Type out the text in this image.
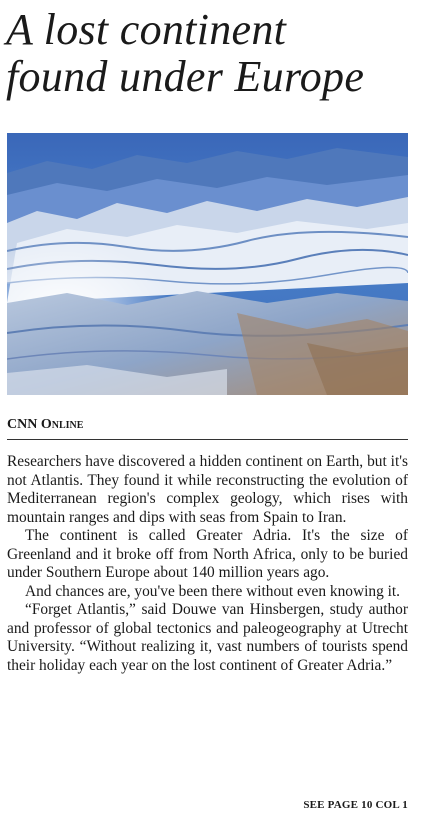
A lost continent
found under Europe

CNN Online

Researchers have discovered a hidden continent on Earth, but it's not Atlantis. They found it while reconstructing the evolution of Mediterranean region's complex geology, which rises with mountain ranges and dips with seas from Spain to Iran.

The continent is called Greater Adria. It's the size of Greenland and it broke off from North Africa, only to be buried under Southern Europe about 140 million years ago.

And chances are, you've been there without even knowing it.

“Forget Atlantis,” said Douwe van Hinsbergen, study author and professor of global tectonics and paleogeography at Utrecht University. “Without realizing it, vast numbers of tourists spend their holiday each year on the lost continent of Greater Adria.”

SEE PAGE 10 COL 1
